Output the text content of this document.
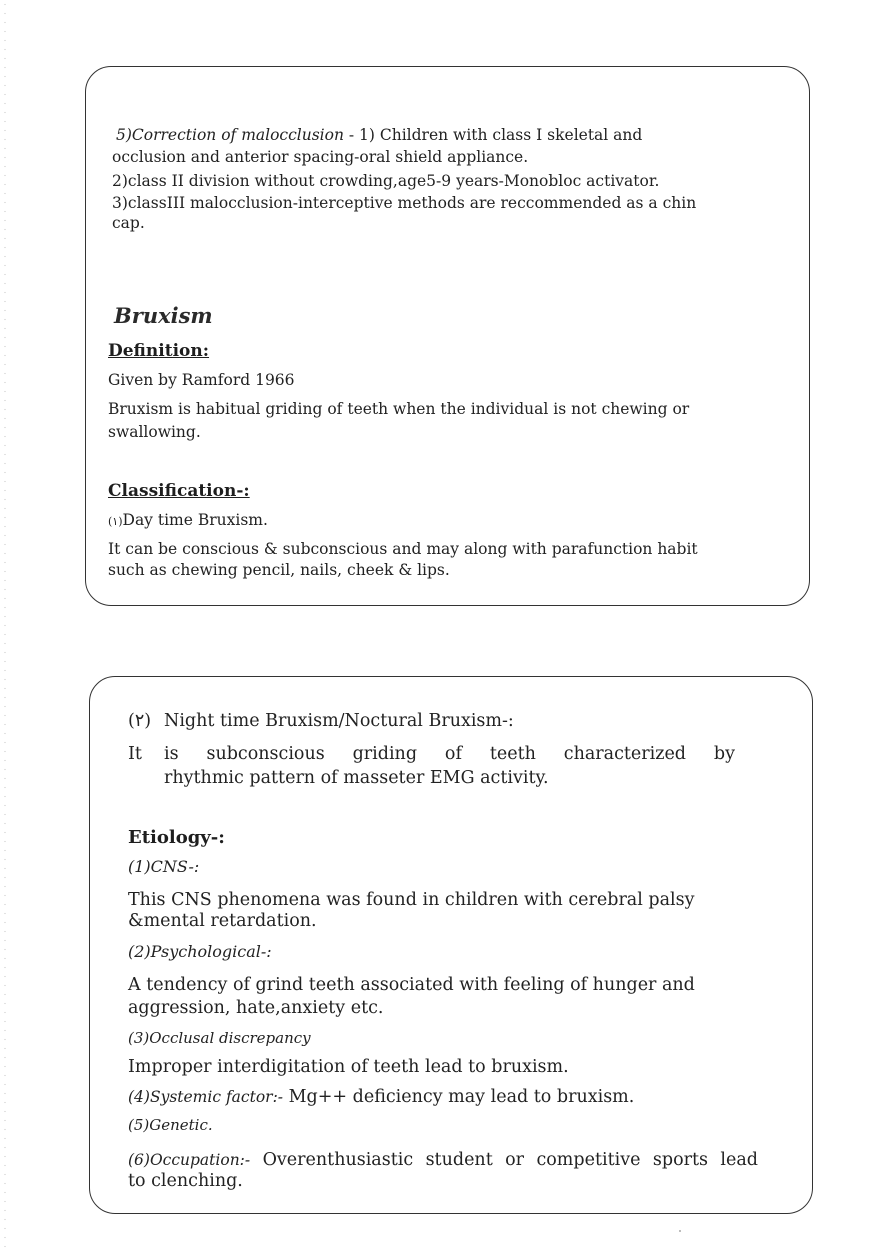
5)Correction of malocclusion - 1) Children with class I skeletal and

occlusion and anterior spacing-oral shield appliance.

2)class II division without crowding,age5-9 years-Monobloc activator.

3)classIII malocclusion-interceptive methods are reccommended as a chin

cap.

Bruxism
Definition:

Given by Ramford 1966

Bruxism is habitual griding of teeth when the individual is not chewing or

swallowing.

Classification-:

(١)Day time Bruxism.

It can be conscious & subconscious and may along with parafunction habit

such as chewing pencil, nails, cheek & lips.

(٢) Night time Bruxism/Noctural Bruxism-:

It is subconscious griding of teeth characterized by

rhythmic pattern of masseter EMG activity.

Etiology-:

(1)CNS-:

This CNS phenomena was found in children with cerebral palsy

&mental retardation.

(2)Psychological-:

A tendency of grind teeth associated with feeling of hunger and

aggression, hate,anxiety etc.

(3)Occlusal discrepancy

Improper interdigitation of teeth lead to bruxism.

(4)Systemic factor:- Mg++ deficiency may lead to bruxism.

(5)Genetic.

(6)Occupation:- Overenthusiastic student or competitive sports lead

to clenching.
